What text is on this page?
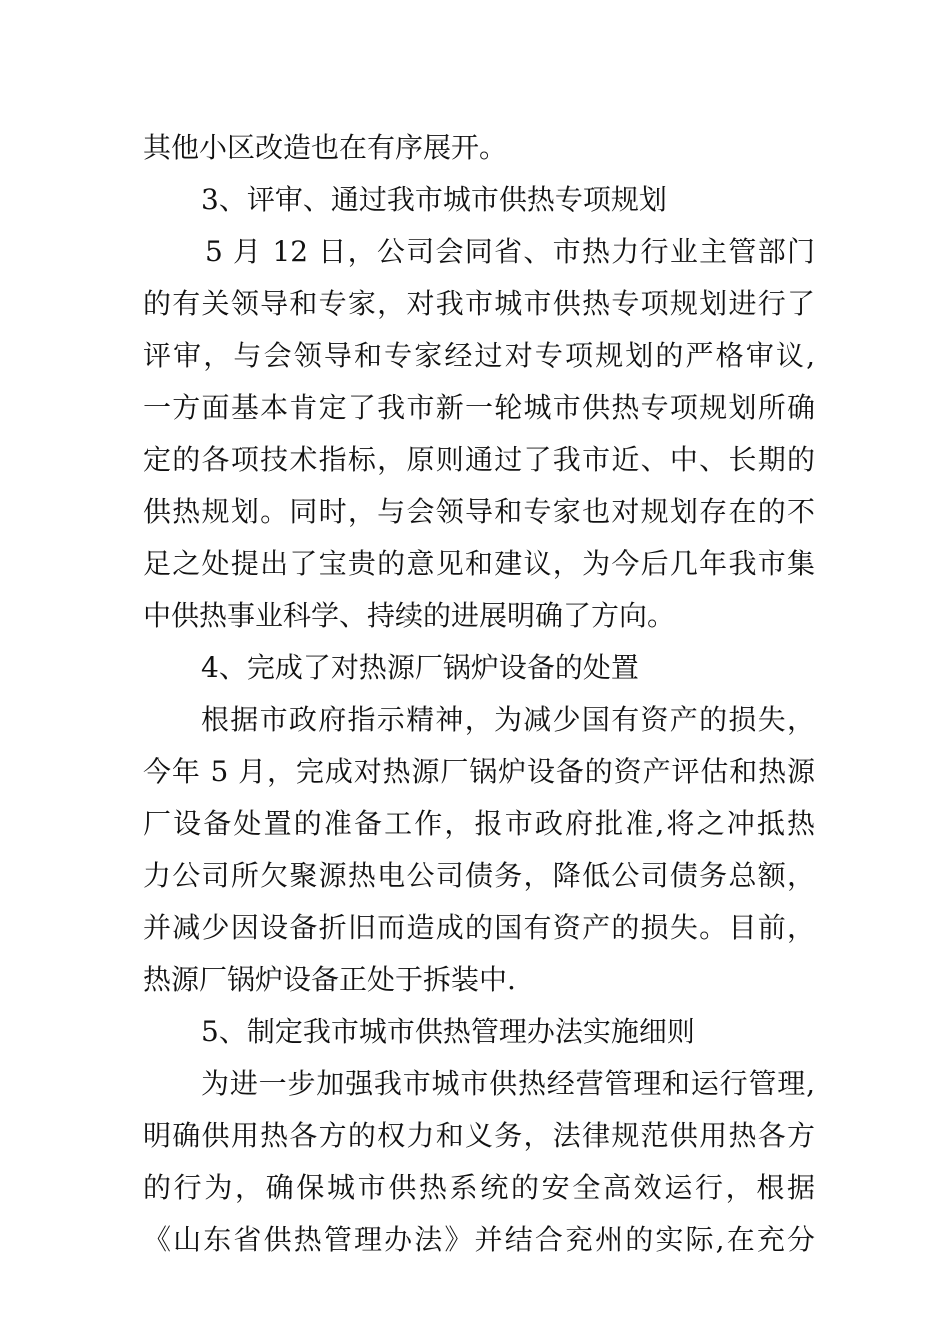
其他小区改造也在有序展开。

3、评审、通过我市城市供热专项规划

5 月 12 日，公司会同省、市热力行业主管部门

的有关领导和专家，对我市城市供热专项规划进行了

评审，与会领导和专家经过对专项规划的严格审议,

一方面基本肯定了我市新一轮城市供热专项规划所确

定的各项技术指标，原则通过了我市近、中、长期的

供热规划。同时，与会领导和专家也对规划存在的不

足之处提出了宝贵的意见和建议，为今后几年我市集

中供热事业科学、持续的进展明确了方向。

4、完成了对热源厂锅炉设备的处置

根据市政府指示精神，为减少国有资产的损失，

今年 5 月，完成对热源厂锅炉设备的资产评估和热源

厂设备处置的准备工作，报市政府批准,将之冲抵热

力公司所欠聚源热电公司债务，降低公司债务总额，

并减少因设备折旧而造成的国有资产的损失。目前，

热源厂锅炉设备正处于拆装中.

5、制定我市城市供热管理办法实施细则

为进一步加强我市城市供热经营管理和运行管理,

明确供用热各方的权力和义务，法律规范供用热各方

的行为，确保城市供热系统的安全高效运行，根据

《山东省供热管理办法》并结合兖州的实际,在充分
